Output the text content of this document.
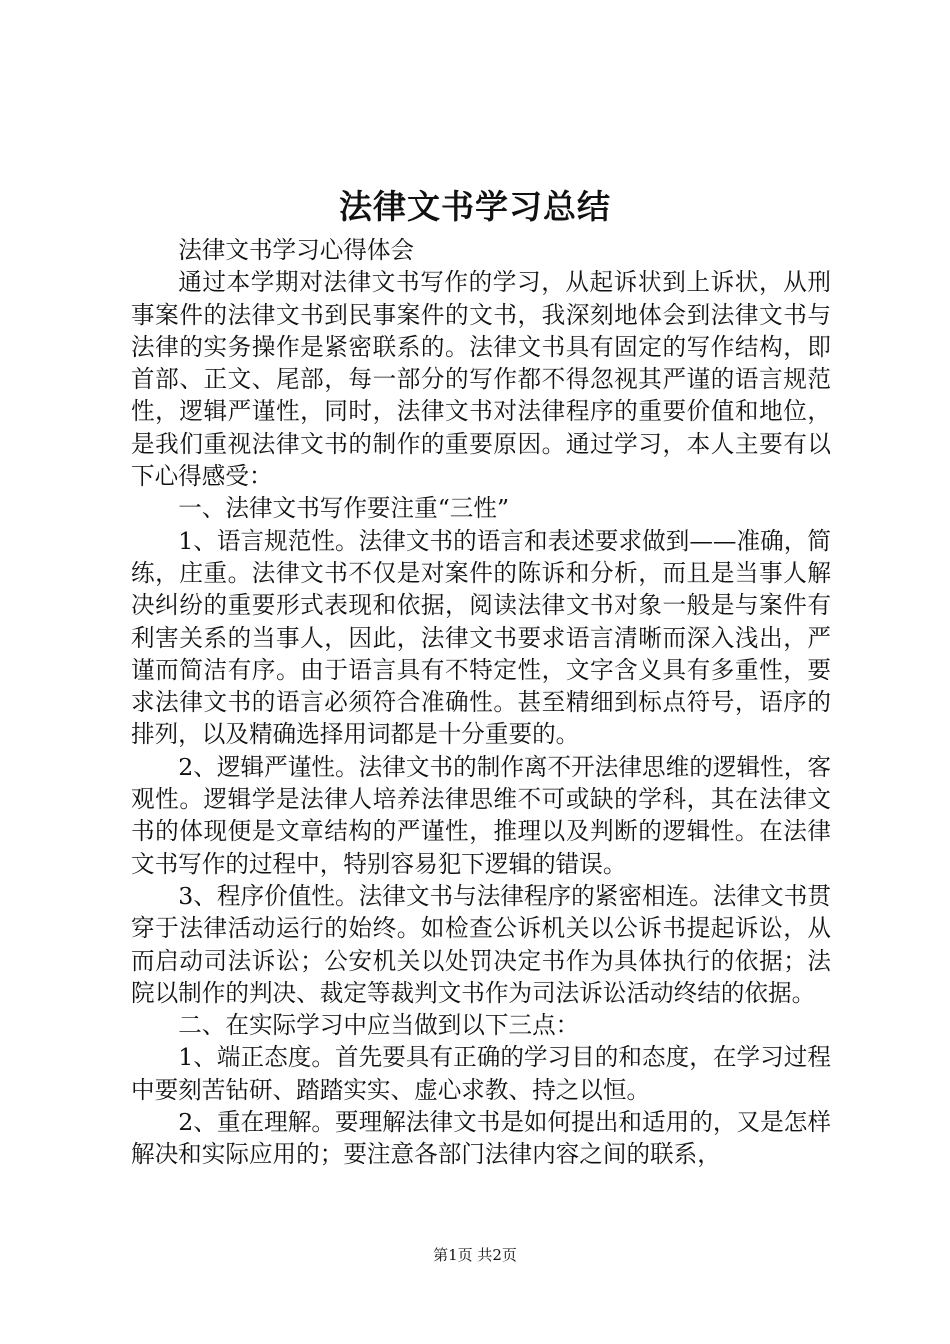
法律文书学习总结

法律文书学习心得体会

通过本学期对法律文书写作的学习，从起诉状到上诉状，从刑事案件的法律文书到民事案件的文书，我深刻地体会到法律文书与法律的实务操作是紧密联系的。法律文书具有固定的写作结构，即首部、正文、尾部，每一部分的写作都不得忽视其严谨的语言规范性，逻辑严谨性，同时，法律文书对法律程序的重要价值和地位，是我们重视法律文书的制作的重要原因。通过学习，本人主要有以下心得感受：

一、法律文书写作要注重“三性”

1、语言规范性。法律文书的语言和表述要求做到——准确，简练，庄重。法律文书不仅是对案件的陈诉和分析，而且是当事人解决纠纷的重要形式表现和依据，阅读法律文书对象一般是与案件有利害关系的当事人，因此，法律文书要求语言清晰而深入浅出，严谨而简洁有序。由于语言具有不特定性，文字含义具有多重性，要求法律文书的语言必须符合准确性。甚至精细到标点符号，语序的排列，以及精确选择用词都是十分重要的。

2、逻辑严谨性。法律文书的制作离不开法律思维的逻辑性，客观性。逻辑学是法律人培养法律思维不可或缺的学科，其在法律文书的体现便是文章结构的严谨性，推理以及判断的逻辑性。在法律文书写作的过程中，特别容易犯下逻辑的错误。

3、程序价值性。法律文书与法律程序的紧密相连。法律文书贯穿于法律活动运行的始终。如检查公诉机关以公诉书提起诉讼，从而启动司法诉讼；公安机关以处罚决定书作为具体执行的依据；法院以制作的判决、裁定等裁判文书作为司法诉讼活动终结的依据。

二、在实际学习中应当做到以下三点：

1、端正态度。首先要具有正确的学习目的和态度，在学习过程中要刻苦钻研、踏踏实实、虚心求教、持之以恒。

2、重在理解。要理解法律文书是如何提出和适用的，又是怎样解决和实际应用的；要注意各部门法律内容之间的联系，

第1页 共2页
